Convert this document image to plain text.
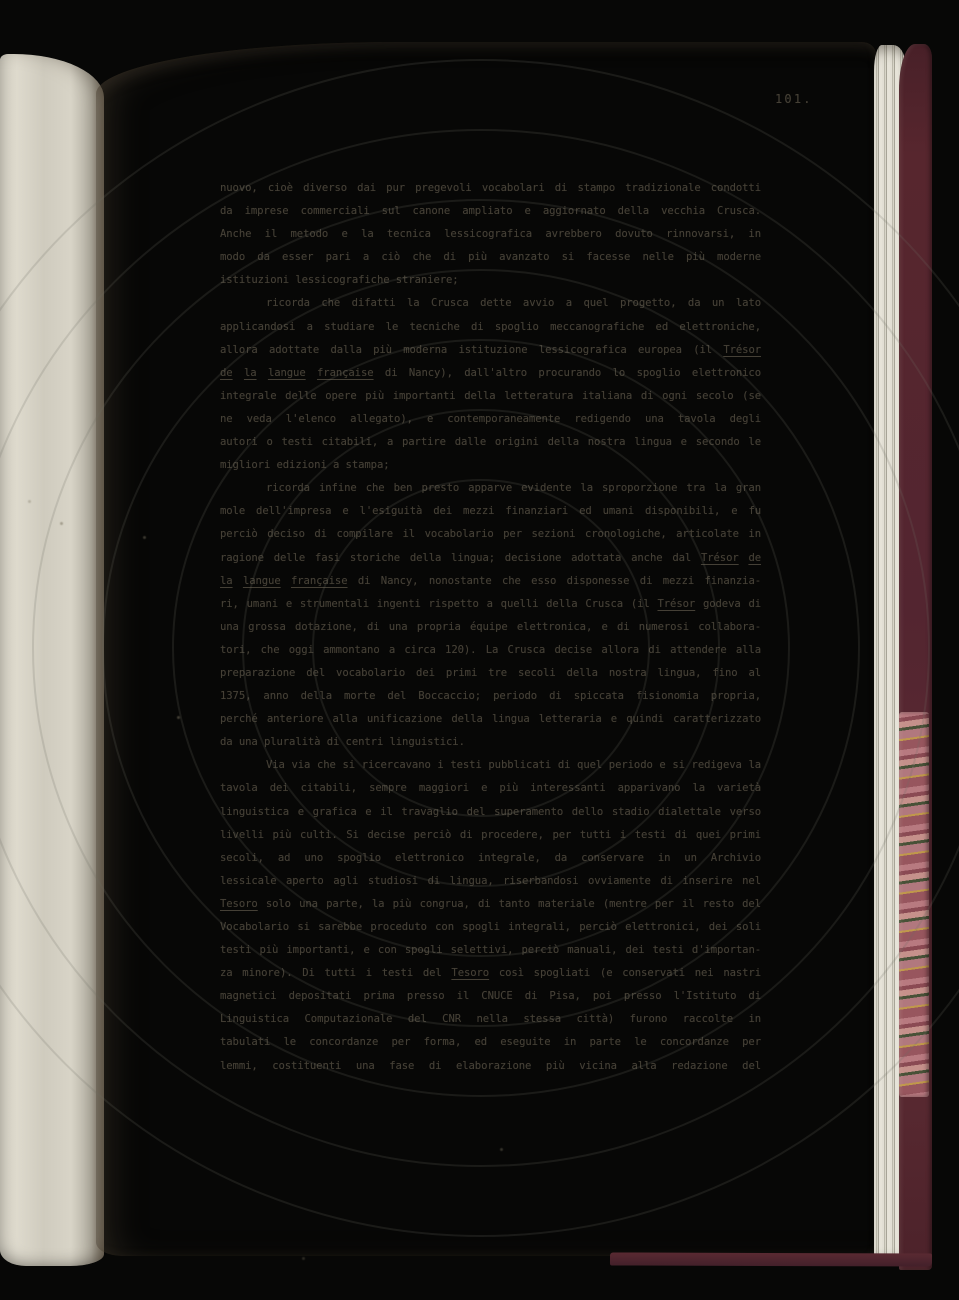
101.
nuovo, cioè diverso dai pur pregevoli vocabolari di stampo tradizionale condotti
da imprese commerciali sul canone ampliato e aggiornato della vecchia Crusca.
Anche il metodo e la tecnica lessicografica avrebbero dovuto rinnovarsi, in
modo da esser pari a ciò che di più avanzato si facesse nelle più moderne
istituzioni lessicografiche straniere;
ricorda che difatti la Crusca dette avvio a quel progetto, da un lato
applicandosi a studiare le tecniche di spoglio meccanografiche ed elettroniche,
allora adottate dalla più moderna istituzione lessicografica europea (il Trésor
de la langue française di Nancy), dall'altro procurando lo spoglio elettronico
integrale delle opere più importanti della letteratura italiana di ogni secolo (se
ne veda l'elenco allegato), e contemporaneamente redigendo una tavola degli
autori o testi citabili, a partire dalle origini della nostra lingua e secondo le
migliori edizioni a stampa;
ricorda infine che ben presto apparve evidente la sproporzione tra la gran
mole dell'impresa e l'esiguità dei mezzi finanziari ed umani disponibili, e fu
perciò deciso di compilare il vocabolario per sezioni cronologiche, articolate in
ragione delle fasi storiche della lingua; decisione adottata anche dal Trésor de
la langue française di Nancy, nonostante che esso disponesse di mezzi finanzia-
ri, umani e strumentali ingenti rispetto a quelli della Crusca (il Trésor godeva di
una grossa dotazione, di una propria équipe elettronica, e di numerosi collabora-
tori, che oggi ammontano a circa 120). La Crusca decise allora di attendere alla
preparazione del vocabolario dei primi tre secoli della nostra lingua, fino al
1375, anno della morte del Boccaccio; periodo di spiccata fisionomia propria,
perché anteriore alla unificazione della lingua letteraria e quindi caratterizzato
da una pluralità di centri linguistici.
Via via che si ricercavano i testi pubblicati di quel periodo e si redigeva la
tavola dei citabili, sempre maggiori e più interessanti apparivano la varietà
linguistica e grafica e il travaglio del superamento dello stadio dialettale verso
livelli più culti. Si decise perciò di procedere, per tutti i testi di quei primi
secoli, ad uno spoglio elettronico integrale, da conservare in un Archivio
lessicale aperto agli studiosi di lingua, riserbandosi ovviamente di inserire nel
Tesoro solo una parte, la più congrua, di tanto materiale (mentre per il resto del
Vocabolario si sarebbe proceduto con spogli integrali, perciò elettronici, dei soli
testi più importanti, e con spogli selettivi, perciò manuali, dei testi d'importan-
za minore). Di tutti i testi del Tesoro così spogliati (e conservati nei nastri
magnetici depositati prima presso il CNUCE di Pisa, poi presso l'Istituto di
Linguistica Computazionale del CNR nella stessa città) furono raccolte in
tabulati le concordanze per forma, ed eseguite in parte le concordanze per
lemmi, costituenti una fase di elaborazione più vicina alla redazione del
